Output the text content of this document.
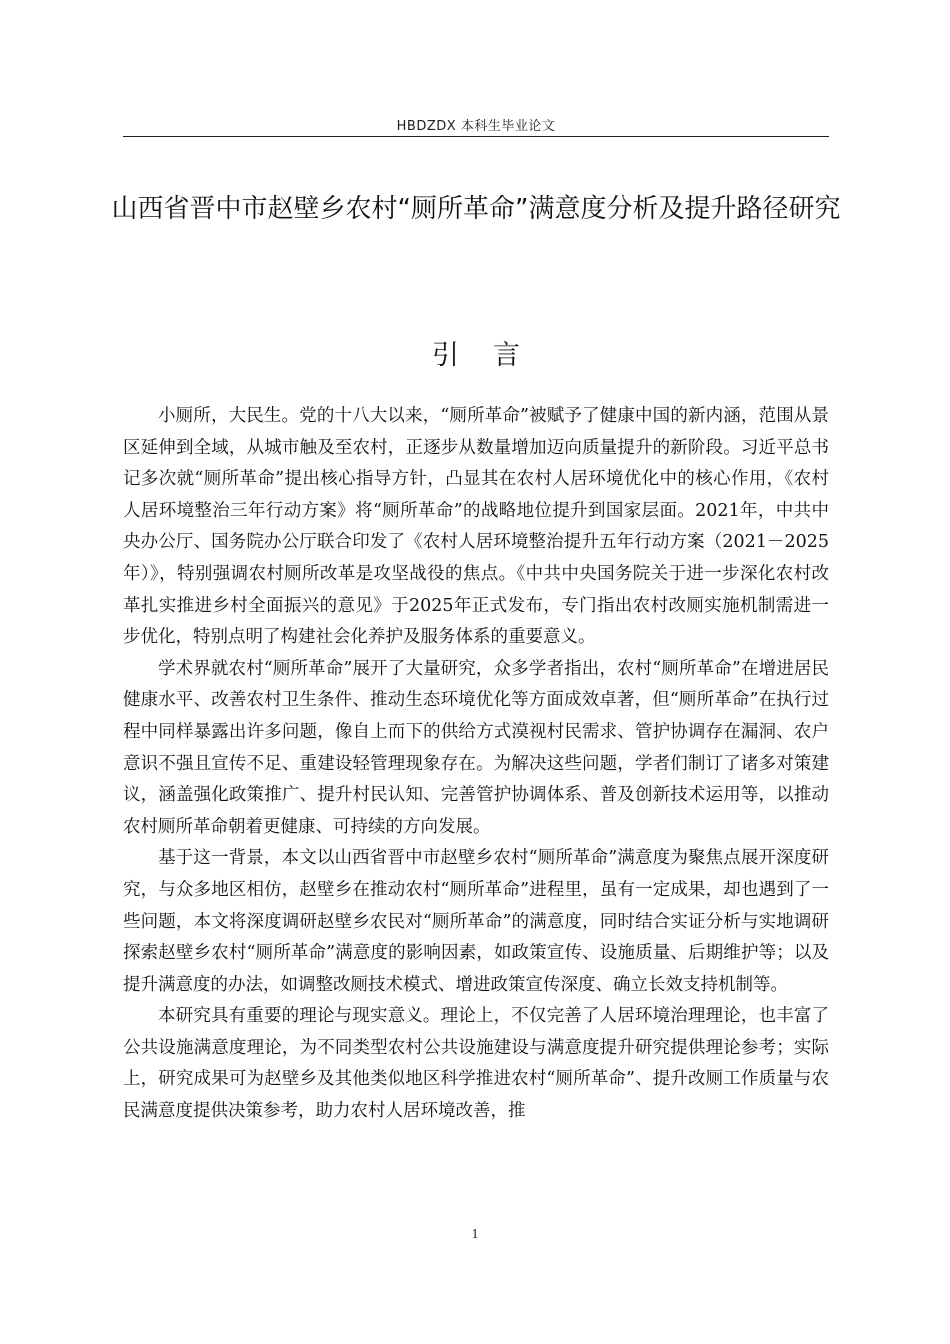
HBDZDX 本科生毕业论文
山西省晋中市赵壁乡农村“厕所革命”满意度分析及提升路径研究
引言

小厕所，大民生。党的十八大以来，“厕所革命”被赋予了健康中国的新内涵，范围从景区延伸到全域，从城市触及至农村，正逐步从数量增加迈向质量提升的新阶段。习近平总书记多次就“厕所革命”提出核心指导方针，凸显其在农村人居环境优化中的核心作用，《农村人居环境整治三年行动方案》将“厕所革命”的战略地位提升到国家层面。2021年，中共中央办公厅、国务院办公厅联合印发了《农村人居环境整治提升五年行动方案（2021－2025年）》，特别强调农村厕所改革是攻坚战役的焦点。《中共中央国务院关于进一步深化农村改革扎实推进乡村全面振兴的意见》于2025年正式发布，专门指出农村改厕实施机制需进一步优化，特别点明了构建社会化养护及服务体系的重要意义。

学术界就农村“厕所革命”展开了大量研究，众多学者指出，农村“厕所革命”在增进居民健康水平、改善农村卫生条件、推动生态环境优化等方面成效卓著，但“厕所革命”在执行过程中同样暴露出许多问题，像自上而下的供给方式漠视村民需求、管护协调存在漏洞、农户意识不强且宣传不足、重建设轻管理现象存在。为解决这些问题，学者们制订了诸多对策建议，涵盖强化政策推广、提升村民认知、完善管护协调体系、普及创新技术运用等，以推动农村厕所革命朝着更健康、可持续的方向发展。

基于这一背景，本文以山西省晋中市赵壁乡农村“厕所革命”满意度为聚焦点展开深度研究，与众多地区相仿，赵壁乡在推动农村“厕所革命”进程里，虽有一定成果，却也遇到了一些问题，本文将深度调研赵壁乡农民对“厕所革命”的满意度，同时结合实证分析与实地调研探索赵壁乡农村“厕所革命”满意度的影响因素，如政策宣传、设施质量、后期维护等；以及提升满意度的办法，如调整改厕技术模式、增进政策宣传深度、确立长效支持机制等。

本研究具有重要的理论与现实意义。理论上，不仅完善了人居环境治理理论，也丰富了公共设施满意度理论，为不同类型农村公共设施建设与满意度提升研究提供理论参考；实际上，研究成果可为赵壁乡及其他类似地区科学推进农村“厕所革命”、提升改厕工作质量与农民满意度提供决策参考，助力农村人居环境改善，推

1
